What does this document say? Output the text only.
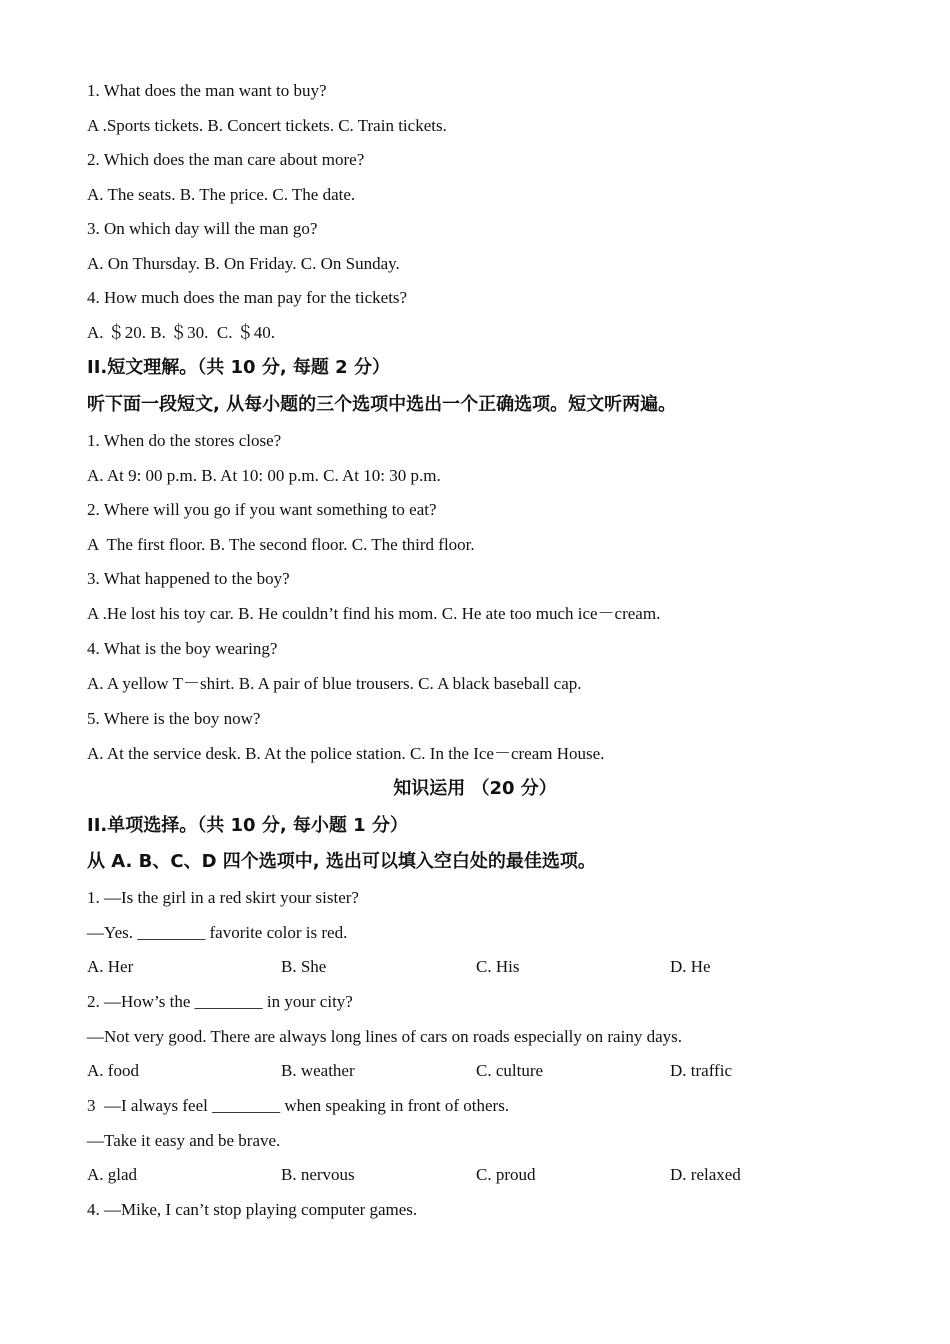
1. What does the man want to buy?

A .Sports tickets. B. Concert tickets. C. Train tickets.

2. Which does the man care about more?

A. The seats. B. The price. C. The date.

3. On which day will the man go?

A. On Thursday. B. On Friday. C. On Sunday.

4. How much does the man pay for the tickets?

A. ＄20. B. ＄30.  C. ＄40.

II.短文理解。（共 10 分, 每题 2 分）

听下面一段短文, 从每小题的三个选项中选出一个正确选项。短文听两遍。

1. When do the stores close?

A. At 9: 00 p.m. B. At 10: 00 p.m. C. At 10: 30 p.m.

2. Where will you go if you want something to eat?

A  The first floor. B. The second floor. C. The third floor.

3. What happened to the boy?

A .He lost his toy car. B. He couldn’t find his mom. C. He ate too much ice－cream.

4. What is the boy wearing?

A. A yellow T－shirt. B. A pair of blue trousers. C. A black baseball cap.

5. Where is the boy now?

A. At the service desk. B. At the police station. C. In the Ice－cream House.

知识运用 （20 分）

II.单项选择。（共 10 分, 每小题 1 分）

从 A. B、C、D 四个选项中, 选出可以填入空白处的最佳选项。

1. —Is the girl in a red skirt your sister?

—Yes. ________ favorite color is red.

A. Her	B. She	C. His	D. He

2. —How’s the ________ in your city?

—Not very good. There are always long lines of cars on roads especially on rainy days.

A. food	B. weather	C. culture	D. traffic

3  —I always feel ________ when speaking in front of others.

—Take it easy and be brave.

A. glad	B. nervous	C. proud	D. relaxed

4. —Mike, I can’t stop playing computer games.
